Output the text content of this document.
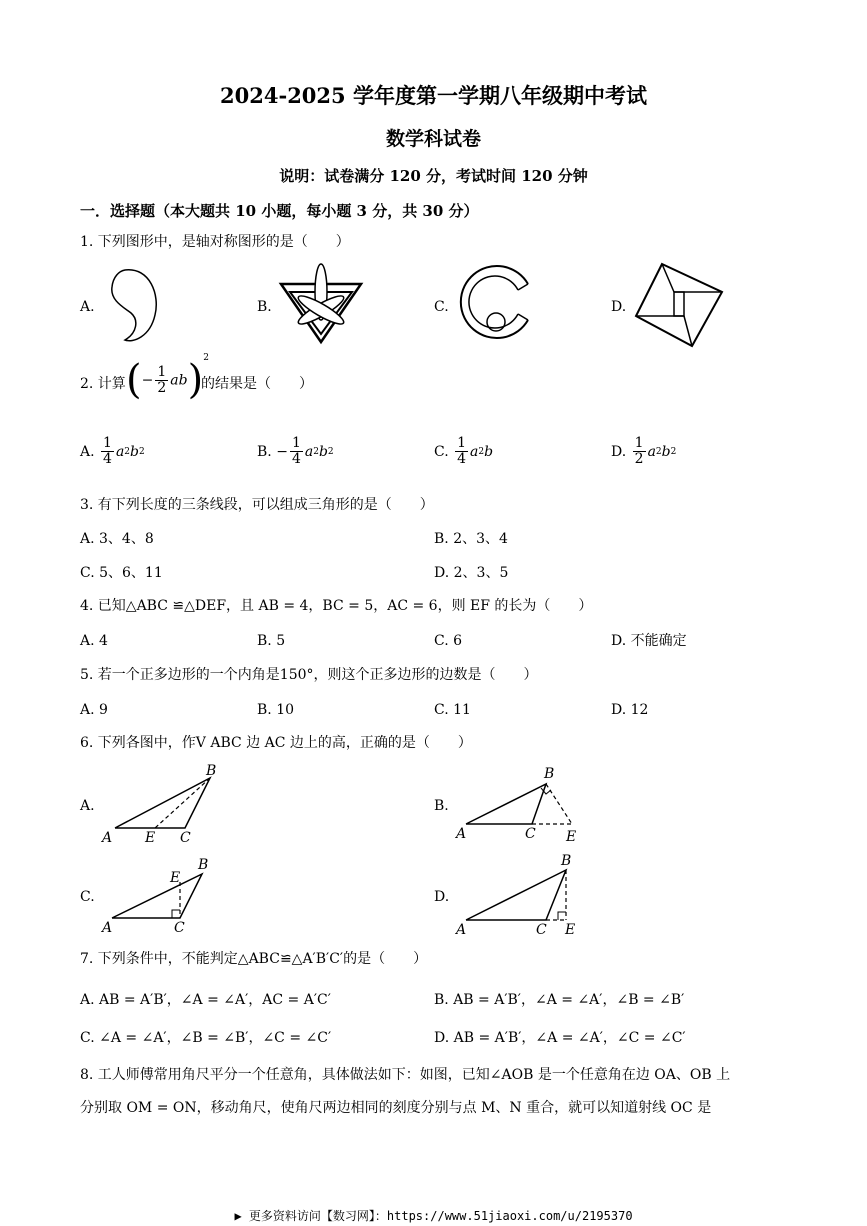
2024-2025 学年度第一学期八年级期中考试
数学科试卷
说明：试卷满分 120 分，考试时间 120 分钟
一．选择题（本大题共 10 小题，每小题 3 分，共 30 分）
1. 下列图形中，是轴对称图形的是（　　）
A.	B.	C.	D.
2. 计算 (− $\frac{1}{2} ab)^2$
的结果是（　　）
A.
$\frac{1}{4}$ a 2 b 2	B. − $\frac{1}{4}$ a 2 b 2	C.
$\frac{1}{4}$ a 2 b	D.
$\frac{1}{2}$ a 2 b 2
3. 有下列长度的三条线段，可以组成三角形的是（　　）
A. 3、4、8	B. 2、3、4
C. 5、6、11	D. 2、3、5
4. 已知△ABC ≌△DEF，且 AB = 4，BC = 5，AC = 6，则 EF 的长为（　　）
A. 4	B. 5	C. 6	D. 不能确定
5. 若一个正多边形的一个内角是150°，则这个正多边形的边数是（　　）
A. 9	B. 10	C. 11	D. 12
6. 下列各图中，作V ABC 边 AC 边上的高，正确的是（　　）
A.	B.
C.	D.
B
A E C
B
A	C E
B
E
A	C
B
A	C E
7. 下列条件中，不能判定△ABC≌△A′B′C′的是（　　）
A. AB = A′B′，∠A = ∠A′，AC = A′C′	B. AB = A′B′，∠A = ∠A′，∠B = ∠B′
C. ∠A = ∠A′，∠B = ∠B′，∠C = ∠C′	D. AB = A′B′，∠A = ∠A′，∠C = ∠C′
8. 工人师傅常用角尺平分一个任意角，具体做法如下：如图，已知∠AOB 是一个任意角在边 OA、OB 上
分别取 OM = ON，移动角尺，使角尺两边相同的刻度分别与点 M、N 重合，就可以知道射线 OC 是
▶ 更多资料访问【数习网】：https://www.51jiaoxi.com/u/2195370
